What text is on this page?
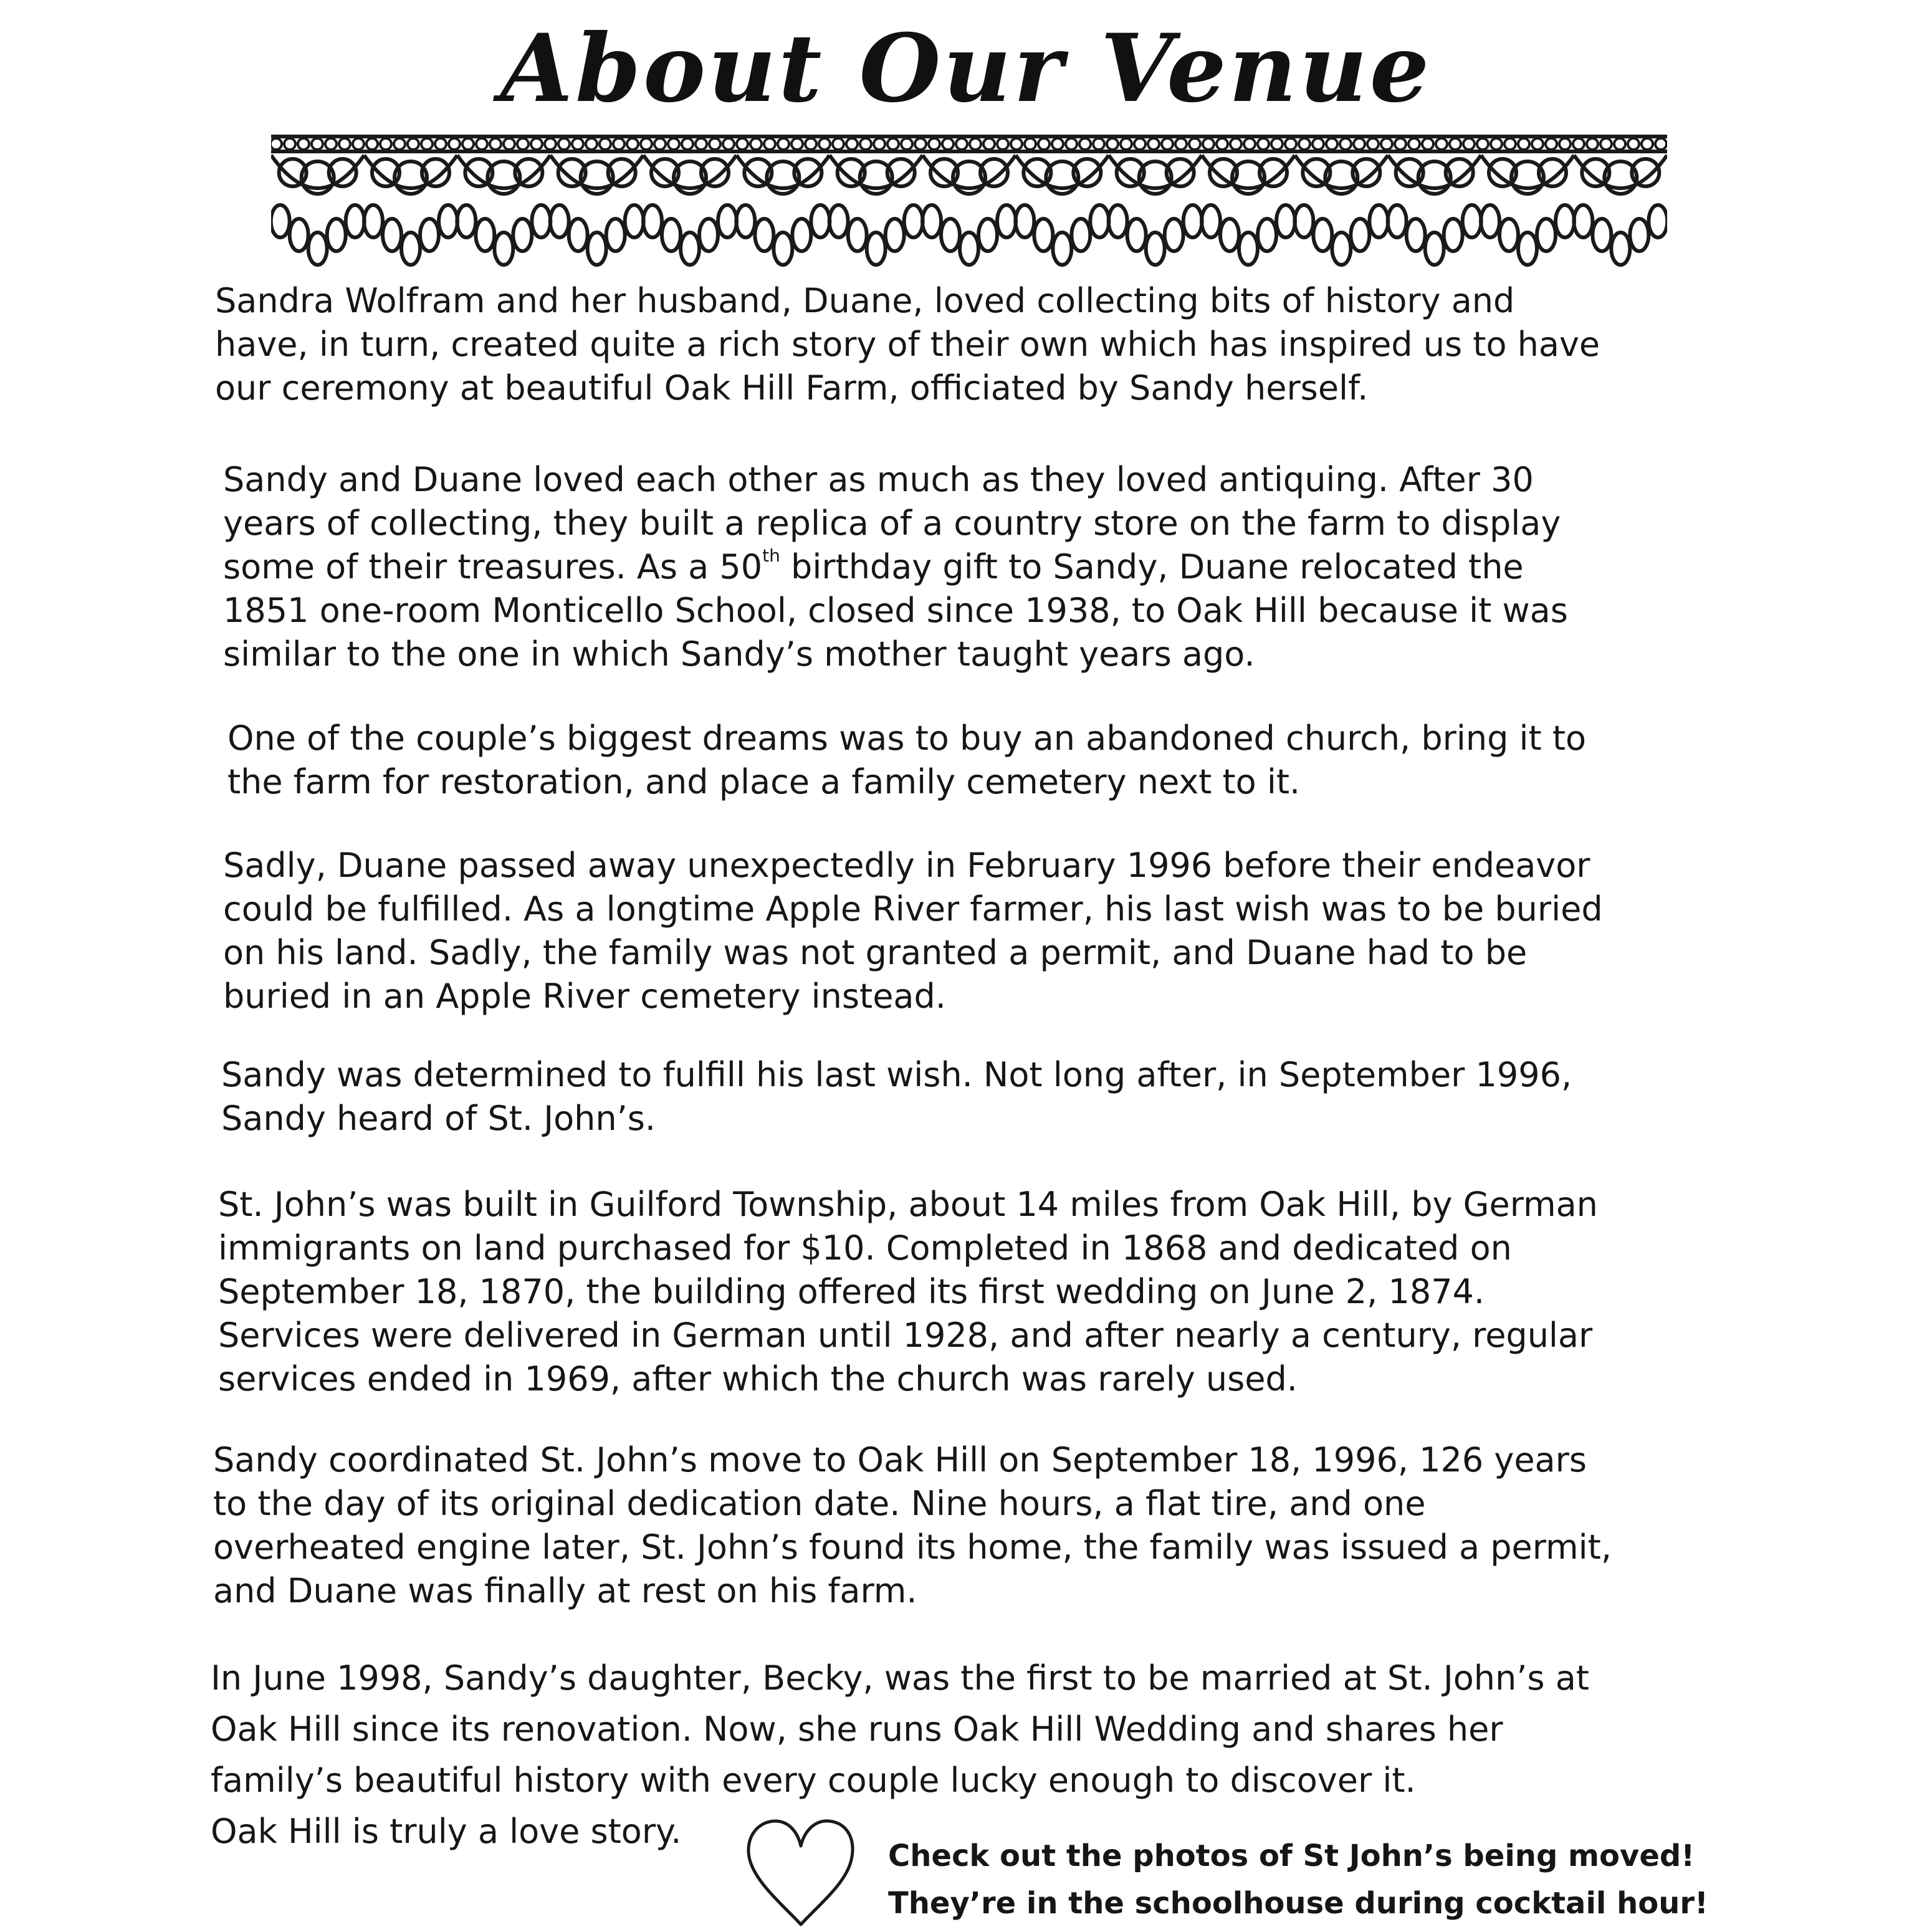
About Our Venue
Sandra Wolfram and her husband, Duane, loved collecting bits of history and
have, in turn, created quite a rich story of their own which has inspired us to have
our ceremony at beautiful Oak Hill Farm, officiated by Sandy herself.
Sandy and Duane loved each other as much as they loved antiquing. After 30
years of collecting, they built a replica of a country store on the farm to display
some of their treasures. As a 50th birthday gift to Sandy, Duane relocated the
1851 one-room Monticello School, closed since 1938, to Oak Hill because it was
similar to the one in which Sandy’s mother taught years ago.
One of the couple’s biggest dreams was to buy an abandoned church, bring it to
the farm for restoration, and place a family cemetery next to it.
Sadly, Duane passed away unexpectedly in February 1996 before their endeavor
could be fulfilled. As a longtime Apple River farmer, his last wish was to be buried
on his land. Sadly, the family was not granted a permit, and Duane had to be
buried in an Apple River cemetery instead.
Sandy was determined to fulfill his last wish. Not long after, in September 1996,
Sandy heard of St. John’s.
St. John’s was built in Guilford Township, about 14 miles from Oak Hill, by German
immigrants on land purchased for $10. Completed in 1868 and dedicated on
September 18, 1870, the building offered its first wedding on June 2, 1874.
Services were delivered in German until 1928, and after nearly a century, regular
services ended in 1969, after which the church was rarely used.
Sandy coordinated St. John’s move to Oak Hill on September 18, 1996, 126 years
to the day of its original dedication date. Nine hours, a flat tire, and one
overheated engine later, St. John’s found its home, the family was issued a permit,
and Duane was finally at rest on his farm.
In June 1998, Sandy’s daughter, Becky, was the first to be married at St. John’s at
Oak Hill since its renovation. Now, she runs Oak Hill Wedding and shares her
family’s beautiful history with every couple lucky enough to discover it.
Oak Hill is truly a love story.
Check out the photos of St John’s being moved!
They’re in the schoolhouse during cocktail hour!
